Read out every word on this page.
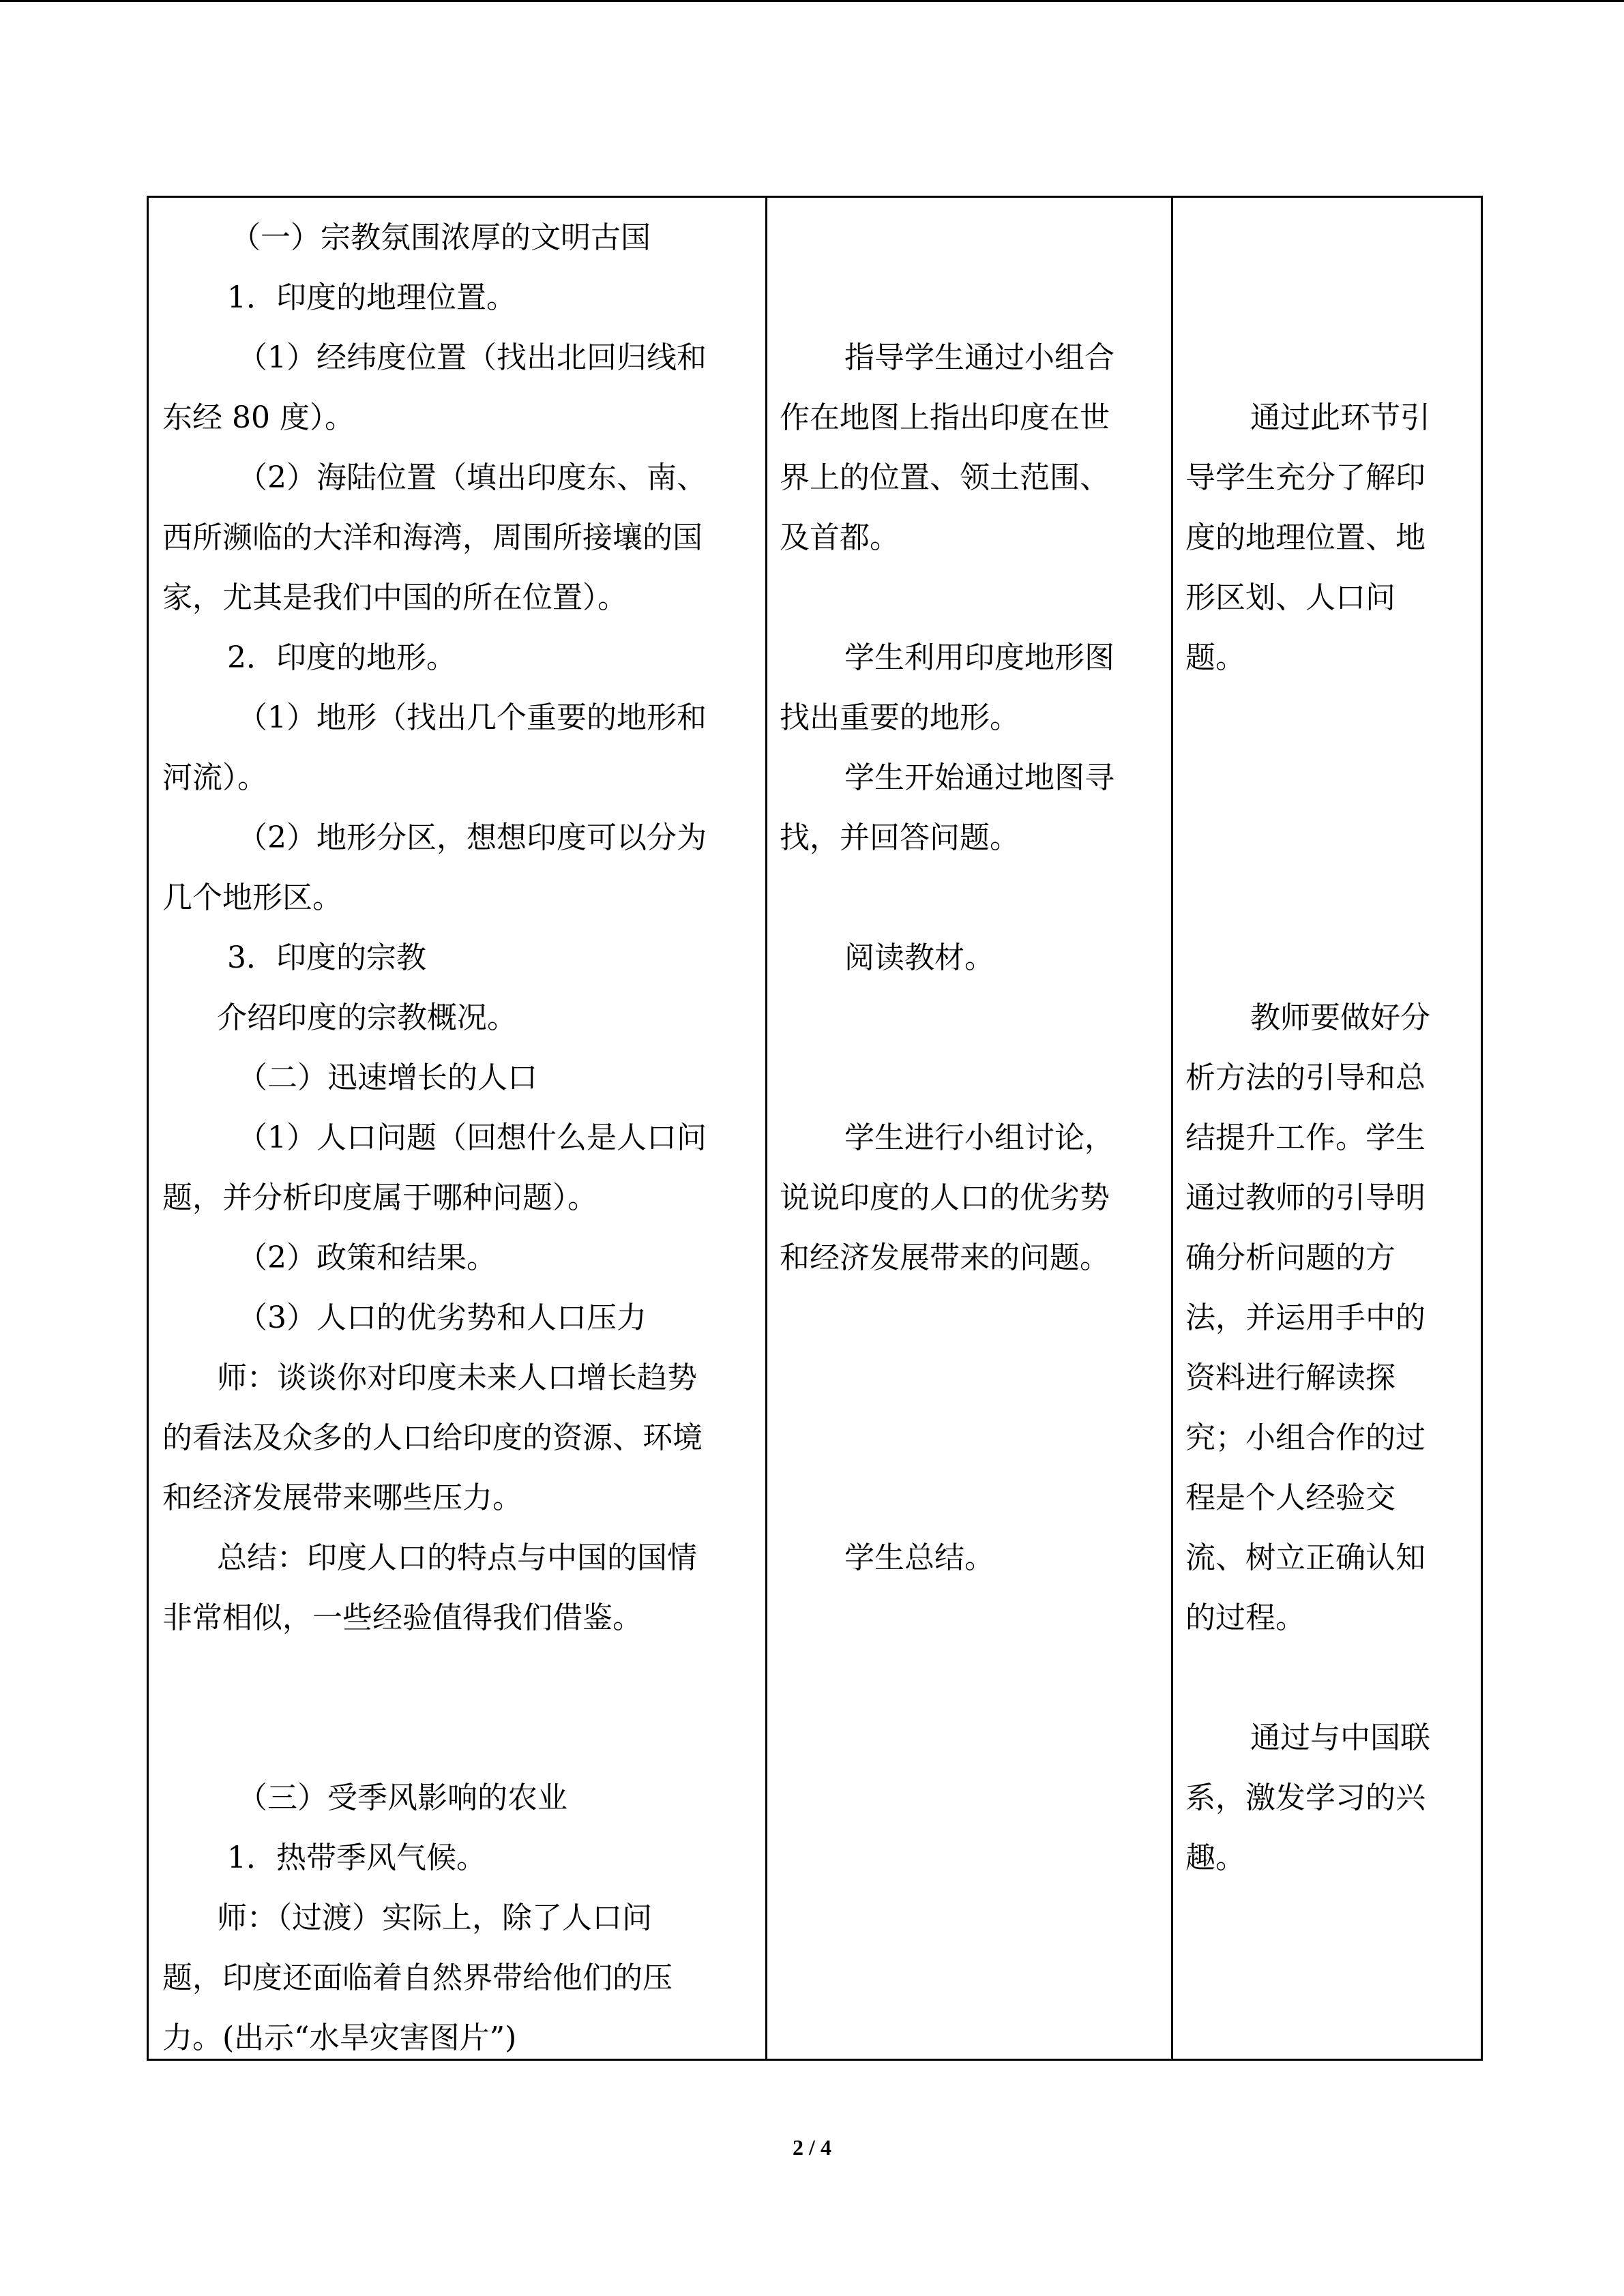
2 / 4
（一）宗教氛围浓厚的文明古国
1．印度的地理位置。
（1）经纬度位置（找出北回归线和
东经 80 度）。
（2）海陆位置（填出印度东、南、
西所濒临的大洋和海湾，周围所接壤的国
家，尤其是我们中国的所在位置）。
2．印度的地形。
（1）地形（找出几个重要的地形和
河流）。
（2）地形分区，想想印度可以分为
几个地形区。
3．印度的宗教
介绍印度的宗教概况。
（二）迅速增长的人口
（1）人口问题（回想什么是人口问
题，并分析印度属于哪种问题）。
（2）政策和结果。
（3）人口的优劣势和人口压力
师：谈谈你对印度未来人口增长趋势
的看法及众多的人口给印度的资源、环境
和经济发展带来哪些压力。
总结：印度人口的特点与中国的国情
非常相似，一些经验值得我们借鉴。
（三）受季风影响的农业
1．热带季风气候。
师：（过渡）实际上，除了人口问
题，印度还面临着自然界带给他们的压
力。(出示“水旱灾害图片”)
指导学生通过小组合
作在地图上指出印度在世
界上的位置、领土范围、
及首都。
学生利用印度地形图
找出重要的地形。
学生开始通过地图寻
找，并回答问题。
阅读教材。
学生进行小组讨论，
说说印度的人口的优劣势
和经济发展带来的问题。
学生总结。
通过此环节引
导学生充分了解印
度的地理位置、地
形区划、人口问
题。
教师要做好分
析方法的引导和总
结提升工作。学生
通过教师的引导明
确分析问题的方
法，并运用手中的
资料进行解读探
究；小组合作的过
程是个人经验交
流、树立正确认知
的过程。
通过与中国联
系，激发学习的兴
趣。
